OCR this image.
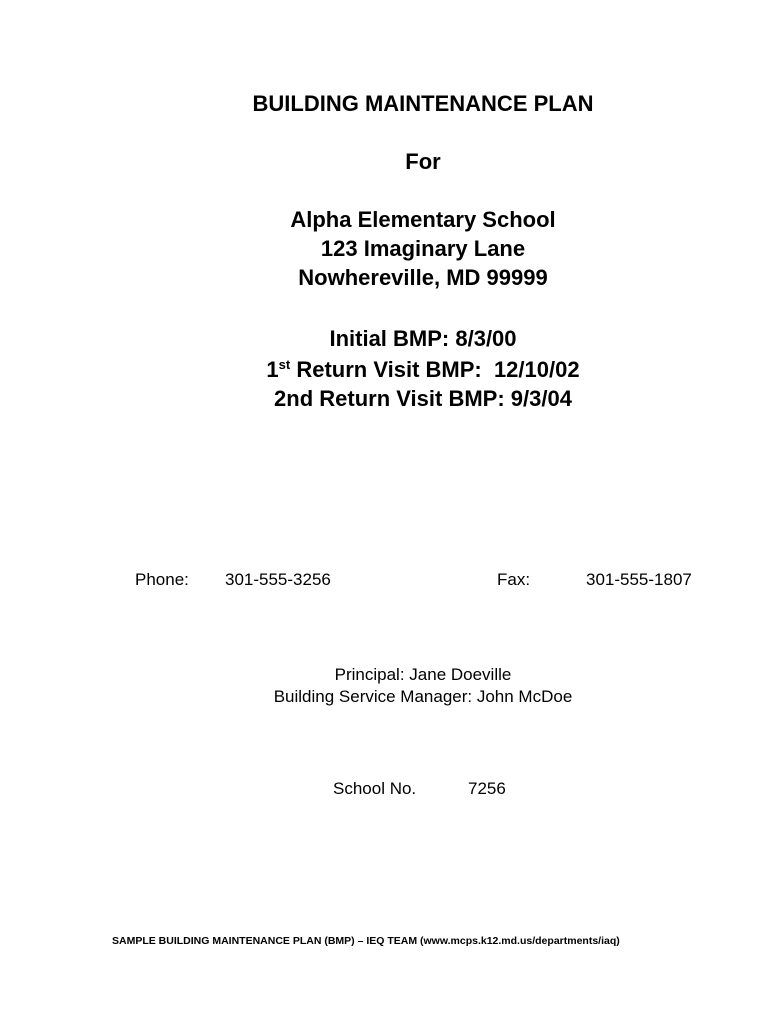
BUILDING MAINTENANCE PLAN
For
Alpha Elementary School
123 Imaginary Lane
Nowhereville, MD 99999
Initial BMP: 8/3/00
1st Return Visit BMP:  12/10/02
2nd Return Visit BMP: 9/3/04
Phone: 301-555-3256	Fax:	301-555-1807
Principal: Jane Doeville
Building Service Manager: John McDoe
School No.	7256
SAMPLE BUILDING MAINTENANCE PLAN (BMP) – IEQ TEAM (www.mcps.k12.md.us/departments/iaq)
